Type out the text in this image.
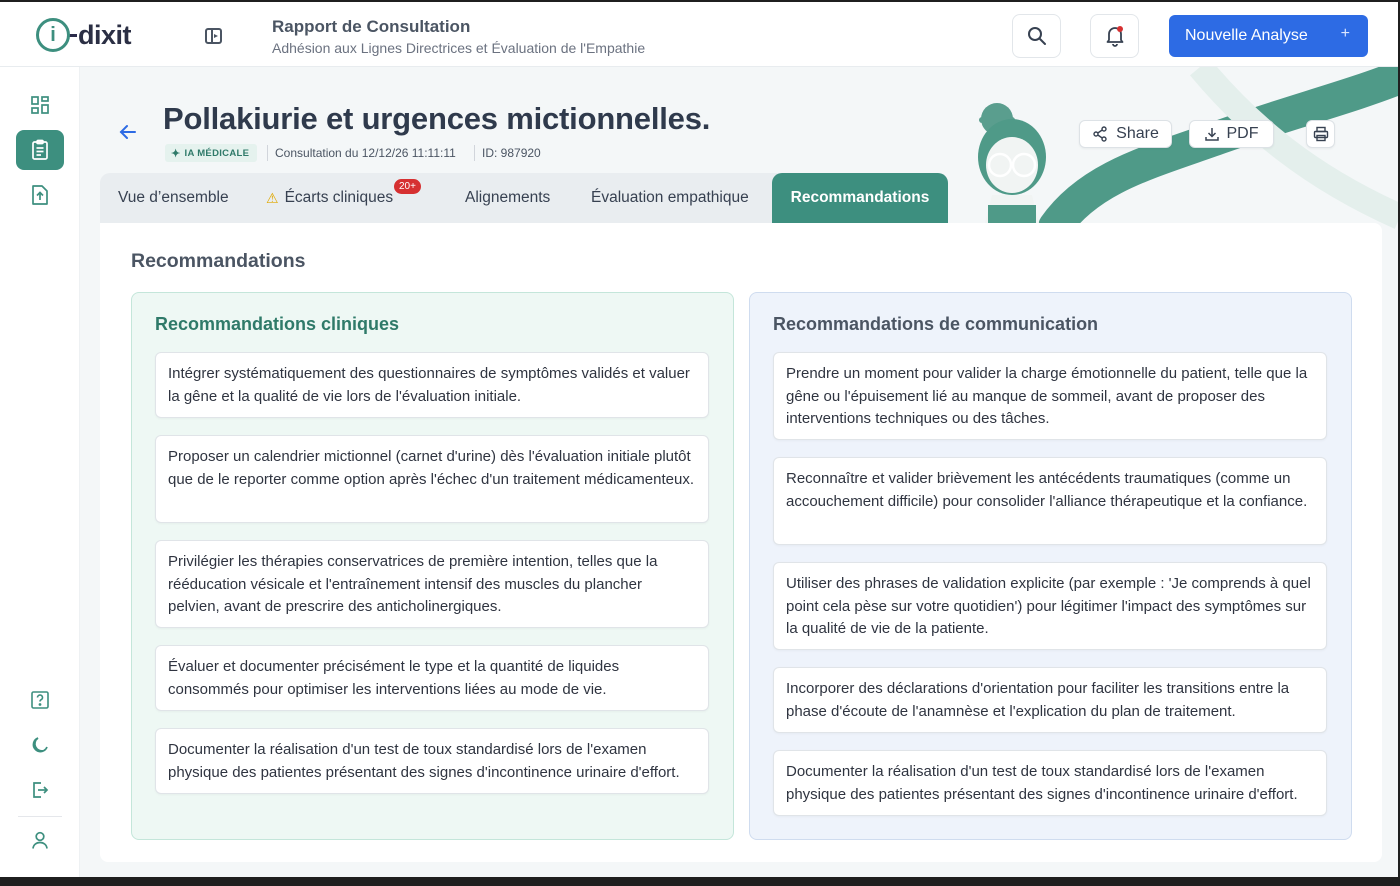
i dixit	Rapport de Consultation
Adhésion aux Lignes Directrices et Évaluation de l'Empathie
Nouvelle Analyse +
Pollakiurie et urgences mictionnelles.
✦ IA MÉDICALE Consultation du 12/12/26 11:11:11 ID: 987920
Share	PDF
Vue d’ensemble	⚠ Écarts cliniques	Alignements	Évaluation empathique	Recommandations
20+
Recommandations
Recommandations cliniques	Recommandations de communication
Intégrer systématiquement des questionnaires de symptômes validés et valuer la gêne et la qualité de vie lors de l'évaluation initiale.
Proposer un calendrier mictionnel (carnet d'urine) dès l'évaluation initiale plutôt que de le reporter comme option après l'échec d'un traitement médicamenteux.
Privilégier les thérapies conservatrices de première intention, telles que la rééducation vésicale et l'entraînement intensif des muscles du plancher pelvien, avant de prescrire des anticholinergiques.
Évaluer et documenter précisément le type et la quantité de liquides consommés pour optimiser les interventions liées au mode de vie.
Documenter la réalisation d'un test de toux standardisé lors de l'examen physique des patientes présentant des signes d'incontinence urinaire d'effort.
Prendre un moment pour valider la charge émotionnelle du patient, telle que la gêne ou l'épuisement lié au manque de sommeil, avant de proposer des interventions techniques ou des tâches.
Reconnaître et valider brièvement les antécédents traumatiques (comme un accouchement difficile) pour consolider l'alliance thérapeutique et la confiance.
Utiliser des phrases de validation explicite (par exemple : 'Je comprends à quel point cela pèse sur votre quotidien') pour légitimer l'impact des symptômes sur la qualité de vie de la patiente.
Incorporer des déclarations d'orientation pour faciliter les transitions entre la phase d'écoute de l'anamnèse et l'explication du plan de traitement.
Documenter la réalisation d'un test de toux standardisé lors de l'examen physique des patientes présentant des signes d'incontinence urinaire d'effort.
